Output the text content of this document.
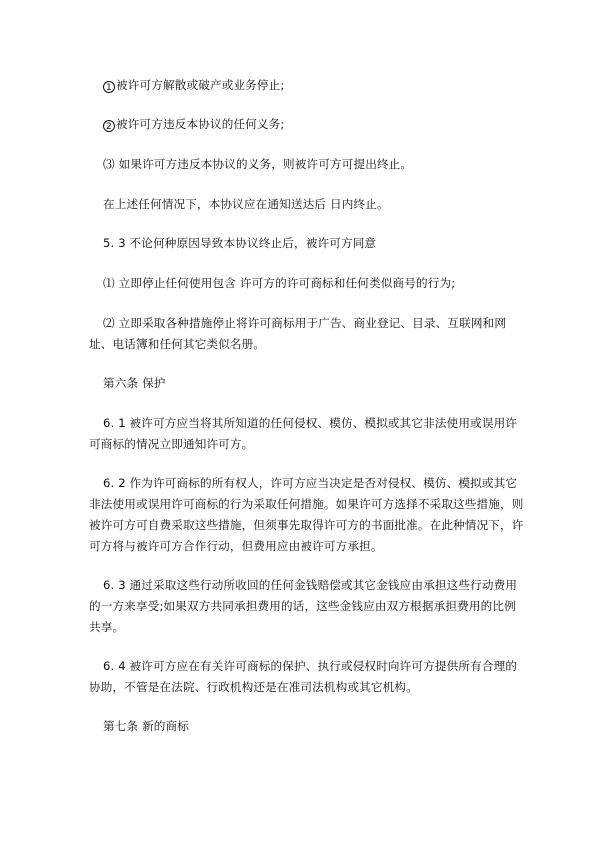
1 被许可方解散或破产或业务停止;
2 被许可方违反本协议的任何义务;
⑶ 如果许可方违反本协议的义务，则被许可方可提出终止。
在上述任何情况下，本协议应在通知送达后 日内终止。
5. 3 不论何种原因导致本协议终止后，被许可方同意
⑴ 立即停止任何使用包含 许可方的许可商标和任何类似商号的行为;
⑵ 立即采取各种措施停止将许可商标用于广告、商业登记、目录、互联网和网
址、电话簿和任何其它类似名册。
第六条 保护
6. 1 被许可方应当将其所知道的任何侵权、模仿、模拟或其它非法使用或误用许
可商标的情况立即通知许可方。
6. 2 作为许可商标的所有权人，许可方应当决定是否对侵权、模仿、模拟或其它
非法使用或误用许可商标的行为采取任何措施。如果许可方选择不采取这些措施，则
被许可方可自费采取这些措施，但须事先取得许可方的书面批准。在此种情况下，许
可方将与被许可方合作行动，但费用应由被许可方承担。
6. 3 通过采取这些行动所收回的任何金钱赔偿或其它金钱应由承担这些行动费用
的一方来享受;如果双方共同承担费用的话，这些金钱应由双方根据承担费用的比例
共享。
6. 4 被许可方应在有关许可商标的保护、执行或侵权时向许可方提供所有合理的
协助，不管是在法院、行政机构还是在准司法机构或其它机构。
第七条 新的商标
